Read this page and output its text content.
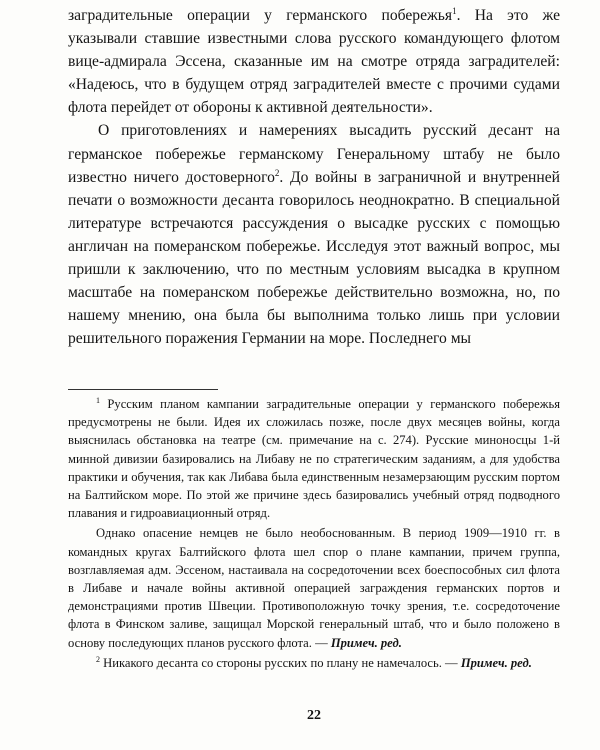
заградительные операции у германского побережья$^1$. На это же указывали ставшие известными слова русского командующего флотом вице-адмирала Эссена, сказанные им на смотре отряда заградителей: «Надеюсь, что в будущем отряд заградителей вместе с прочими судами флота перейдет от обороны к активной деятельности».

О приготовлениях и намерениях высадить русский десант на германское побережье германскому Генеральному штабу не было известно ничего достоверного$^2$. До войны в заграничной и внутренней печати о возможности десанта говорилось неоднократно. В специальной литературе встречаются рассуждения о высадке русских с помощью англичан на померанском побережье. Исследуя этот важный вопрос, мы пришли к заключению, что по местным условиям высадка в крупном масштабе на померанском побережье действительно возможна, но, по нашему мнению, она была бы выполнима только лишь при условии решительного поражения Германии на море. Последнего мы

$^1$ Русским планом кампании заградительные операции у германского побережья предусмотрены не были. Идея их сложилась позже, после двух месяцев войны, когда выяснилась обстановка на театре (см. примечание на с. 274). Русские миноносцы 1-й минной дивизии базировались на Либаву не по стратегическим заданиям, а для удобства практики и обучения, так как Либава была единственным незамерзающим русским портом на Балтийском море. По этой же причине здесь базировались учебный отряд подводного плавания и гидроавиационный отряд.

Однако опасение немцев не было необоснованным. В период 1909—1910 гг. в командных кругах Балтийского флота шел спор о плане кампании, причем группа, возглавляемая адм. Эссеном, настаивала на сосредоточении всех боеспособных сил флота в Либаве и начале войны активной операцией заграждения германских портов и демонстрациями против Швеции. Противоположную точку зрения, т.е. сосредоточение флота в Финском заливе, защищал Морской генеральный штаб, что и было положено в основу последующих планов русского флота. — Примеч. ред.

$^2$ Никакого десанта со стороны русских по плану не намечалось. — Примеч. ред.

22
